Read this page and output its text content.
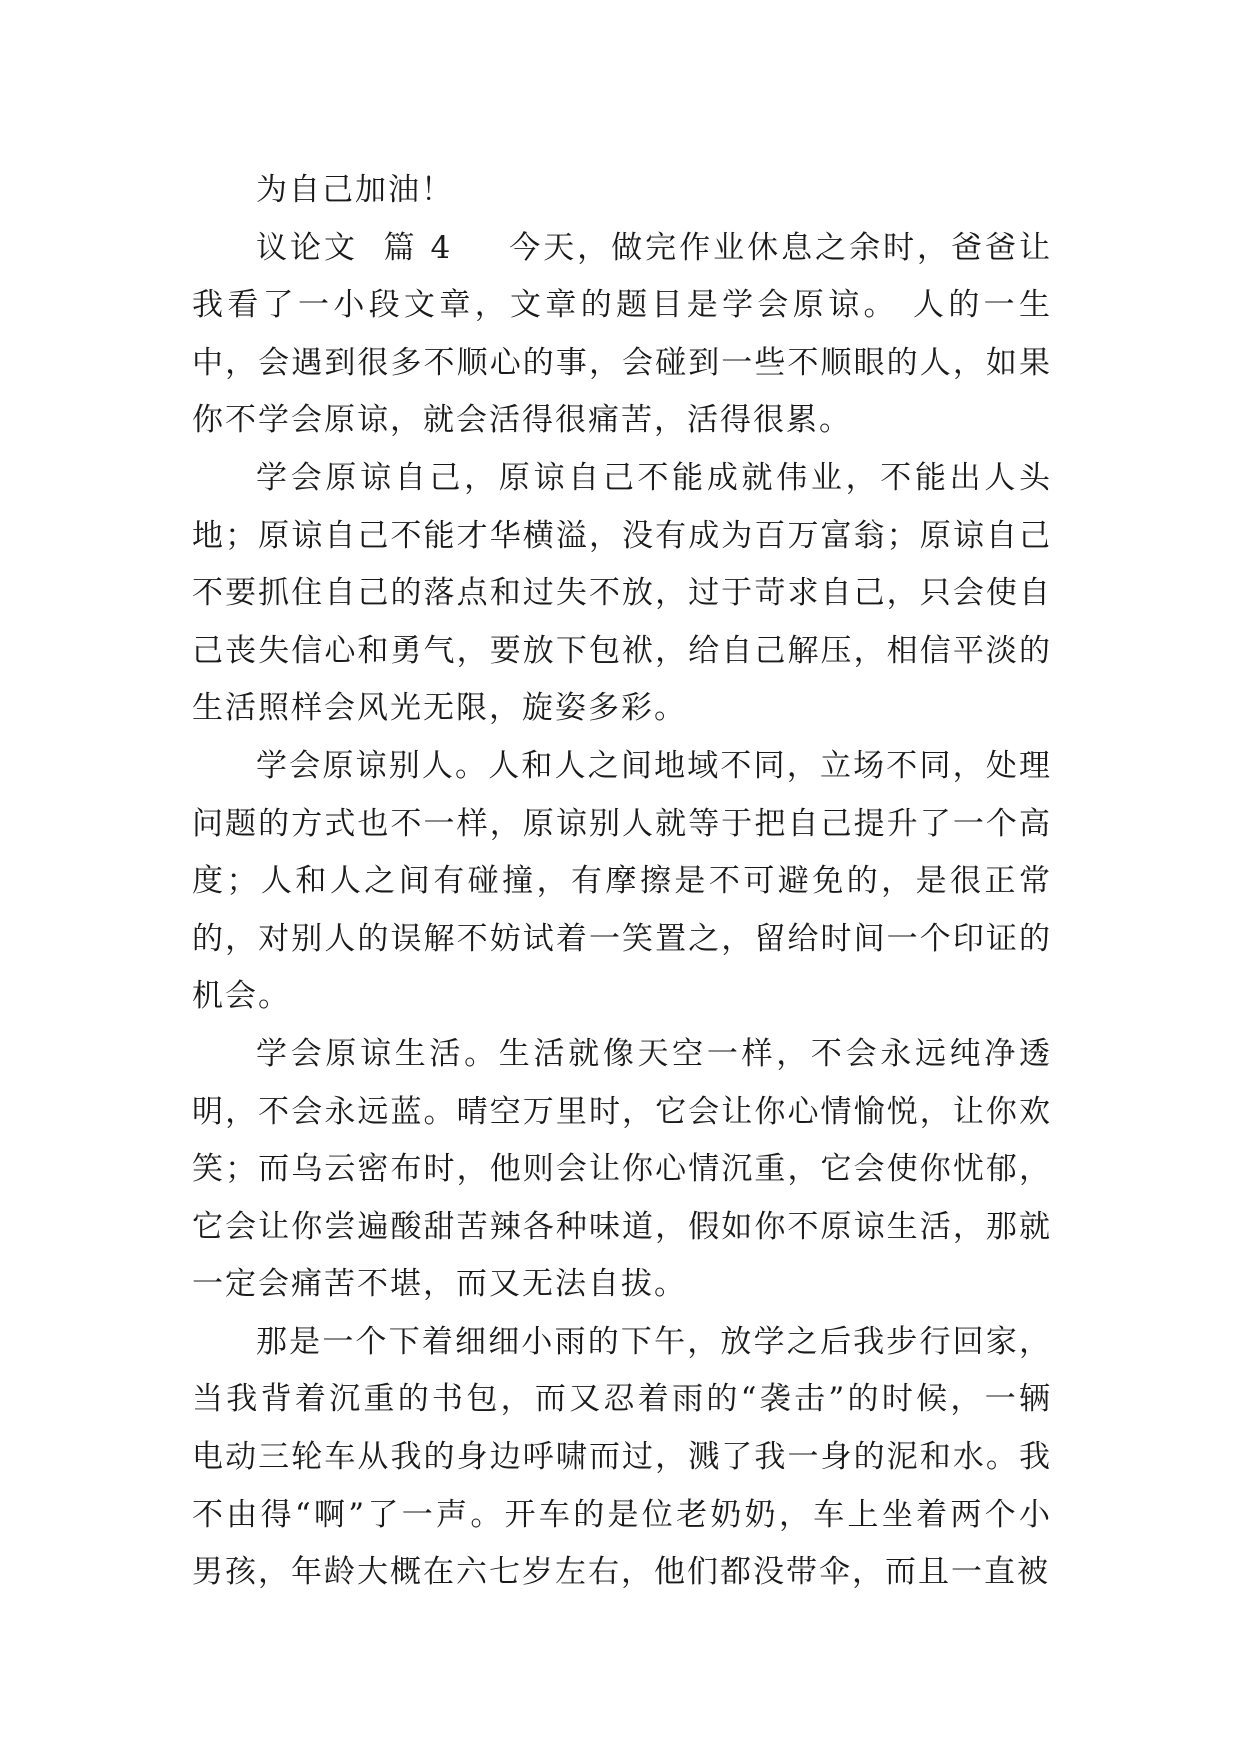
为自己加油！

议论文 篇 4 今天，做完作业休息之余时，爸爸让我看了一小段文章，文章的题目是学会原谅。 人的一生中，会遇到很多不顺心的事，会碰到一些不顺眼的人，如果你不学会原谅，就会活得很痛苦，活得很累。

学会原谅自己，原谅自己不能成就伟业，不能出人头地；原谅自己不能才华横溢，没有成为百万富翁；原谅自己不要抓住自己的落点和过失不放，过于苛求自己，只会使自己丧失信心和勇气，要放下包袱，给自己解压，相信平淡的生活照样会风光无限，旋姿多彩。

学会原谅别人。人和人之间地域不同，立场不同，处理问题的方式也不一样，原谅别人就等于把自己提升了一个高度；人和人之间有碰撞，有摩擦是不可避免的，是很正常的，对别人的误解不妨试着一笑置之，留给时间一个印证的机会。

学会原谅生活。生活就像天空一样，不会永远纯净透明，不会永远蓝。晴空万里时，它会让你心情愉悦，让你欢笑；而乌云密布时，他则会让你心情沉重，它会使你忧郁，它会让你尝遍酸甜苦辣各种味道，假如你不原谅生活，那就一定会痛苦不堪，而又无法自拔。

那是一个下着细细小雨的下午，放学之后我步行回家，当我背着沉重的书包，而又忍着雨的“袭击”的时候，一辆电动三轮车从我的身边呼啸而过，溅了我一身的泥和水。我不由得“啊”了一声。开车的是位老奶奶，车上坐着两个小男孩，年龄大概在六七岁左右，他们都没带伞，而且一直被
